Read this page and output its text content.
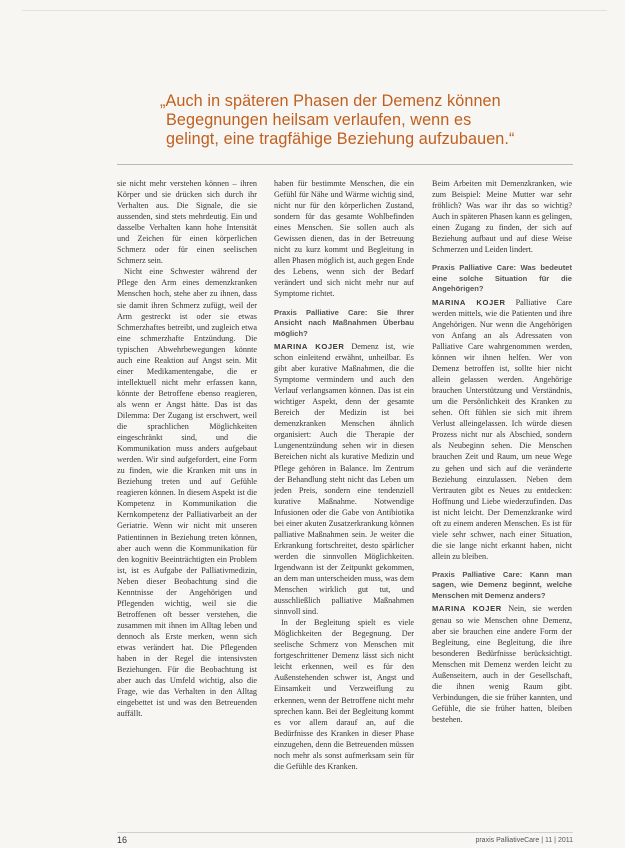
„Auch in späteren Phasen der Demenz können
Begegnungen heilsam verlaufen, wenn es
gelingt, eine tragfähige Beziehung aufzubauen.“

sie nicht mehr verstehen können – ihren Körper und sie drücken sich durch ihr Verhalten aus. Die Signale, die sie aussenden, sind stets mehrdeutig. Ein und dasselbe Verhalten kann hohe Intensität und Zeichen für einen körperlichen Schmerz oder für einen seelischen Schmerz sein.

Nicht eine Schwester während der Pflege den Arm eines demenzkranken Menschen hoch, stehe aber zu ihnen, dass sie damit ihren Schmerz zufügt, weil der Arm gestreckt ist oder sie etwas Schmerzhaftes betreibt, und zugleich etwa eine schmerzhafte Entzündung. Die typischen Abwehrbewegungen könnte auch eine Reaktion auf Angst sein. Mit einer Medikamentengabe, die er intellektuell nicht mehr erfassen kann, könnte der Betroffene ebenso reagieren, als wenn er Angst hätte. Das ist das Dilemma: Der Zugang ist erschwert, weil die sprachlichen Möglichkeiten eingeschränkt sind, und die Kommunikation muss anders aufgebaut werden. Wir sind aufgefordert, eine Form zu finden, wie die Kranken mit uns in Beziehung treten und auf Gefühle reagieren können. In diesem Aspekt ist die Kompetenz in Kommunikation die Kernkompetenz der Palliativarbeit an der Geriatrie. Wenn wir nicht mit unseren Patientinnen in Beziehung treten können, aber auch wenn die Kommunikation für den kognitiv Beeinträchtigten ein Problem ist, ist es Aufgabe der Palliativmedizin, Neben dieser Beobachtung sind die Kenntnisse der Angehörigen und Pflegenden wichtig, weil sie die Betroffenen oft besser verstehen, die zusammen mit ihnen im Alltag leben und dennoch als Erste merken, wenn sich etwas verändert hat. Die Pflegenden haben in der Regel die intensivsten Beziehungen. Für die Beobachtung ist aber auch das Umfeld wichtig, also die Frage, wie das Verhalten in den Alltag eingebettet ist und was den Betreuenden auffällt.

haben für bestimmte Menschen, die ein Gefühl für Nähe und Wärme wichtig sind, nicht nur für den körperlichen Zustand, sondern für das gesamte Wohlbefinden eines Menschen. Sie sollen auch als Gewissen dienen, das in der Betreuung nicht zu kurz kommt und Begleitung in allen Phasen möglich ist, auch gegen Ende des Lebens, wenn sich der Bedarf verändert und sich nicht mehr nur auf Symptome richtet.

Praxis Palliative Care: Sie Ihrer Ansicht nach Maßnahmen Überbau möglich?

MARINA KOJER Demenz ist, wie schon einleitend erwähnt, unheilbar. Es gibt aber kurative Maßnahmen, die die Symptome vermindern und auch den Verlauf verlangsamen können. Das ist ein wichtiger Aspekt, denn der gesamte Bereich der Medizin ist bei demenzkranken Menschen ähnlich organisiert: Auch die Therapie der Lungenentzündung sehen wir in diesen Bereichen nicht als kurative Medizin und Pflege gehören in Balance. Im Zentrum der Behandlung steht nicht das Leben um jeden Preis, sondern eine tendenziell kurative Maßnahme. Notwendige Infusionen oder die Gabe von Antibiotika bei einer akuten Zusatzerkrankung können palliative Maßnahmen sein. Je weiter die Erkrankung fortschreitet, desto spärlicher werden die sinnvollen Möglichkeiten. Irgendwann ist der Zeitpunkt gekommen, an dem man unterscheiden muss, was dem Menschen wirklich gut tut, und ausschließlich palliative Maßnahmen sinnvoll sind.

In der Begleitung spielt es viele Möglichkeiten der Begegnung. Der seelische Schmerz von Menschen mit fortgeschrittener Demenz lässt sich nicht leicht erkennen, weil es für den Außenstehenden schwer ist, Angst und Einsamkeit und Verzweiflung zu erkennen, wenn der Betroffene nicht mehr sprechen kann. Bei der Begleitung kommt es vor allem darauf an, auf die Bedürfnisse des Kranken in dieser Phase einzugehen, denn die Betreuenden müssen noch mehr als sonst aufmerksam sein für die Gefühle des Kranken.

Beim Arbeiten mit Demenzkranken, wie zum Beispiel: Meine Mutter war sehr fröhlich? Was war ihr das so wichtig? Auch in späteren Phasen kann es gelingen, einen Zugang zu finden, der sich auf Beziehung aufbaut und auf diese Weise Schmerzen und Leiden lindert.

Praxis Palliative Care: Was bedeutet eine solche Situation für die Angehörigen?

MARINA KOJER Palliative Care werden mittels, wie die Patienten und ihre Angehörigen. Nur wenn die Angehörigen von Anfang an als Adressaten von Palliative Care wahrgenommen werden, können wir ihnen helfen. Wer von Demenz betroffen ist, sollte hier nicht allein gelassen werden. Angehörige brauchen Unterstützung und Verständnis, um die Persönlichkeit des Kranken zu sehen. Oft fühlen sie sich mit ihrem Verlust alleingelassen. Ich würde diesen Prozess nicht nur als Abschied, sondern als Neubeginn sehen. Die Menschen brauchen Zeit und Raum, um neue Wege zu gehen und sich auf die veränderte Beziehung einzulassen. Neben dem Vertrauten gibt es Neues zu entdecken: Hoffnung und Liebe wiederzufinden. Das ist nicht leicht. Der Demenzkranke wird oft zu einem anderen Menschen. Es ist für viele sehr schwer, nach einer Situation, die sie lange nicht erkannt haben, nicht allein zu bleiben.

Praxis Palliative Care: Kann man sagen, wie Demenz beginnt, welche Menschen mit Demenz anders?

MARINA KOJER Nein, sie werden genau so wie Menschen ohne Demenz, aber sie brauchen eine andere Form der Begleitung, eine Begleitung, die ihre besonderen Bedürfnisse berücksichtigt. Menschen mit Demenz werden leicht zu Außenseitern, auch in der Gesellschaft, die ihnen wenig Raum gibt. Verbindungen, die sie früher kannten, und Gefühle, die sie früher hatten, bleiben bestehen.

16	praxis PalliativeCare | 11 | 2011
